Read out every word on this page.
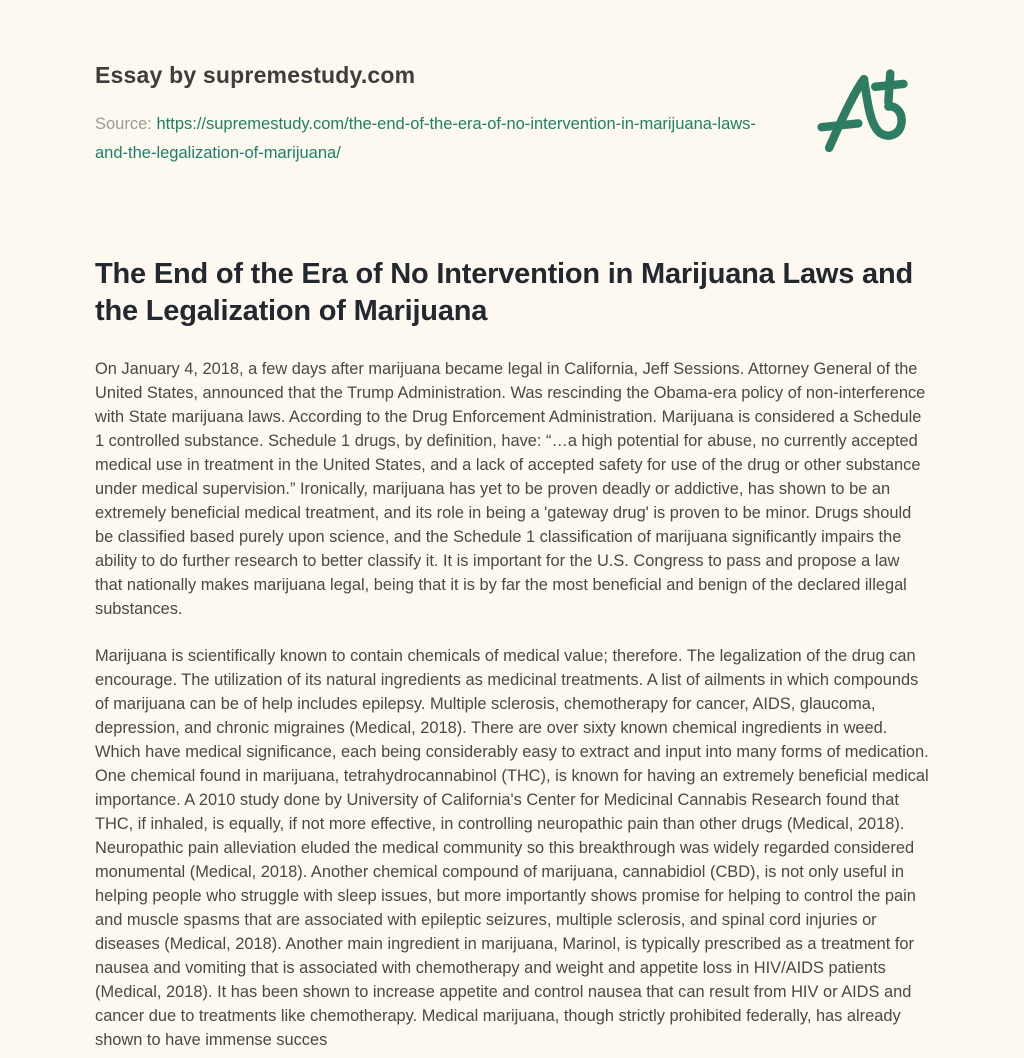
Essay by supremestudy.com
Source: https://supremestudy.com/the-end-of-the-era-of-no-intervention-in-marijuana-laws-and-the-legalization-of-marijuana/
The End of the Era of No Intervention in Marijuana Laws and the Legalization of Marijuana

On January 4, 2018, a few days after marijuana became legal in California, Jeff Sessions. Attorney General of the United States, announced that the Trump Administration. Was rescinding the Obama-era policy of non-interference with State marijuana laws. According to the Drug Enforcement Administration. Marijuana is considered a Schedule 1 controlled substance. Schedule 1 drugs, by definition, have: “…a high potential for abuse, no currently accepted medical use in treatment in the United States, and a lack of accepted safety for use of the drug or other substance under medical supervision.” Ironically, marijuana has yet to be proven deadly or addictive, has shown to be an extremely beneficial medical treatment, and its role in being a 'gateway drug' is proven to be minor. Drugs should be classified based purely upon science, and the Schedule 1 classification of marijuana significantly impairs the ability to do further research to better classify it. It is important for the U.S. Congress to pass and propose a law that nationally makes marijuana legal, being that it is by far the most beneficial and benign of the declared illegal substances.

Marijuana is scientifically known to contain chemicals of medical value; therefore. The legalization of the drug can encourage. The utilization of its natural ingredients as medicinal treatments. A list of ailments in which compounds of marijuana can be of help includes epilepsy. Multiple sclerosis, chemotherapy for cancer, AIDS, glaucoma, depression, and chronic migraines (Medical, 2018). There are over sixty known chemical ingredients in weed. Which have medical significance, each being considerably easy to extract and input into many forms of medication. One chemical found in marijuana, tetrahydrocannabinol (THC), is known for having an extremely beneficial medical importance. A 2010 study done by University of California's Center for Medicinal Cannabis Research found that THC, if inhaled, is equally, if not more effective, in controlling neuropathic pain than other drugs (Medical, 2018). Neuropathic pain alleviation eluded the medical community so this breakthrough was widely regarded considered monumental (Medical, 2018). Another chemical compound of marijuana, cannabidiol (CBD), is not only useful in helping people who struggle with sleep issues, but more importantly shows promise for helping to control the pain and muscle spasms that are associated with epileptic seizures, multiple sclerosis, and spinal cord injuries or diseases (Medical, 2018). Another main ingredient in marijuana, Marinol, is typically prescribed as a treatment for nausea and vomiting that is associated with chemotherapy and weight and appetite loss in HIV/AIDS patients (Medical, 2018). It has been shown to increase appetite and control nausea that can result from HIV or AIDS and cancer due to treatments like chemotherapy. Medical marijuana, though strictly prohibited federally, has already shown to have immense succes
